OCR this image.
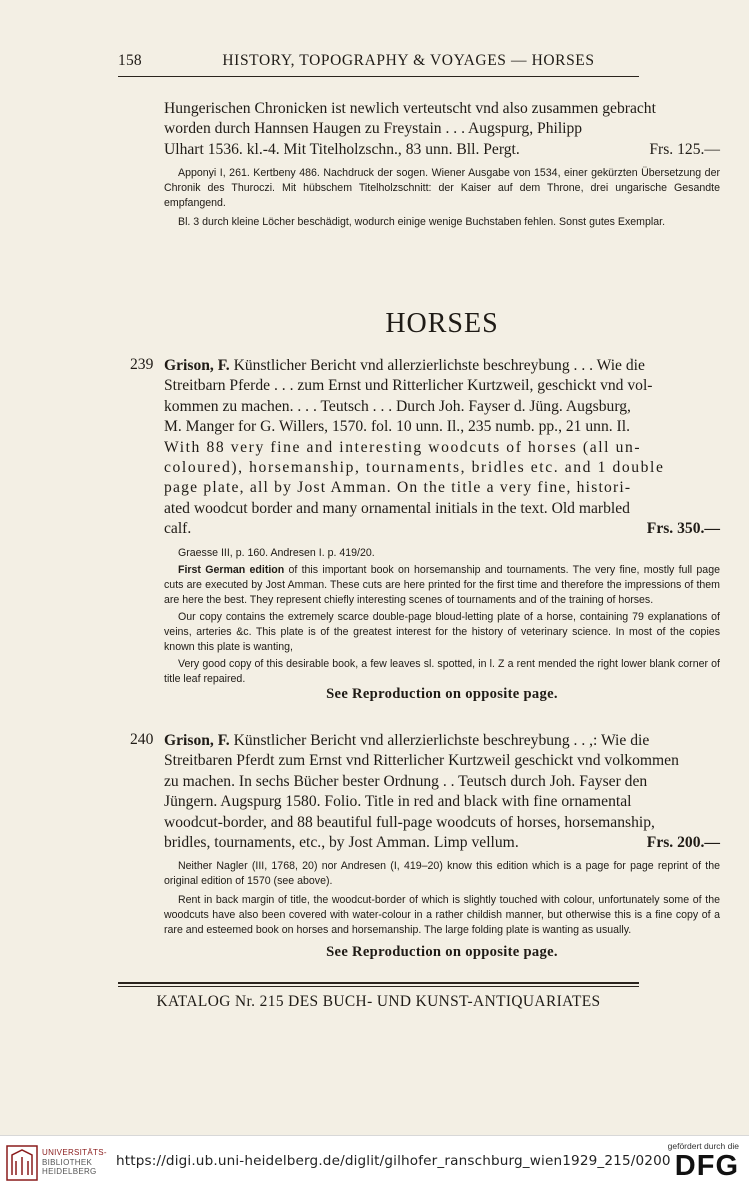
158	HISTORY, TOPOGRAPHY & VOYAGES — HORSES

Hungerischen Chronicken ist newlich verteutscht vnd also zusammen gebracht
worden durch Hannsen Haugen zu Freystain . . . Augspurg, Philipp
Ulhart 1536. kl.-4. Mit Titelholzschn., 83 unn. Bll. Pergt.	Frs. 125.—

Apponyi I, 261. Kertbeny 486. Nachdruck der sogen. Wiener Ausgabe von 1534, einer gekürzten Übersetzung der Chronik des Thuroczi. Mit hübschem Titelholzschnitt: der Kaiser auf dem Throne, drei ungarische Gesandte empfangend.

Bl. 3 durch kleine Löcher beschädigt, wodurch einige wenige Buchstaben fehlen. Sonst gutes Exemplar.

HORSES
239 Grison, F. Künstlicher Bericht vnd allerzierlichste beschreybung . . . Wie die
Streitbarn Pferde . . . zum Ernst und Ritterlicher Kurtzweil, geschickt vnd vol-
kommen zu machen. . . . Teutsch . . . Durch Joh. Fayser d. Jüng. Augsburg,
M. Manger for G. Willers, 1570. fol. 10 unn. Il., 235 numb. pp., 21 unn. Il.
With 88 very fine and interesting woodcuts of horses (all un-
coloured), horsemanship, tournaments, bridles etc. and 1 double
page plate, all by Jost Amman. On the title a very fine, histori-
ated woodcut border and many ornamental initials in the text. Old marbled
calf.	Frs. 350.—

Graesse III, p. 160. Andresen I. p. 419/20.

First German edition of this important book on horsemanship and tournaments. The very fine, mostly full page cuts are executed by Jost Amman. These cuts are here printed for the first time and therefore the impressions of them are here the best. They represent chiefly interesting scenes of tournaments and of the training of horses.

Our copy contains the extremely scarce double-page bloud-letting plate of a horse, containing 79 explanations of veins, arteries &c. This plate is of the greatest interest for the history of veterinary science. In most of the copies known this plate is wanting,

Very good copy of this desirable book, a few leaves sl. spotted, in l. Z a rent mended the right lower blank corner of title leaf repaired.

See Reproduction on opposite page.
240 Grison, F. Künstlicher Bericht vnd allerzierlichste beschreybung . . ,: Wie die
Streitbaren Pferdt zum Ernst vnd Ritterlicher Kurtzweil geschickt vnd volkommen
zu machen. In sechs Bücher bester Ordnung . . Teutsch durch Joh. Fayser den
Jüngern. Augspurg 1580. Folio. Title in red and black with fine ornamental
woodcut-border, and 88 beautiful full-page woodcuts of horses, horsemanship,
bridles, tournaments, etc., by Jost Amman. Limp vellum.	Frs. 200.—

Neither Nagler (III, 1768, 20) nor Andresen (I, 419–20) know this edition which is a page for page reprint of the original edition of 1570 (see above).

Rent in back margin of title, the woodcut-border of which is slightly touched with colour, unfortunately some of the woodcuts have also been covered with water-colour in a rather childish manner, but otherwise this is a fine copy of a rare and esteemed book on horses and horsemanship. The large folding plate is wanting as usually.

See Reproduction on opposite page.
KATALOG Nr. 215 DES BUCH- UND KUNST-ANTIQUARIATES
UNIVERSITÄTS-
BIBLIOTHEK
HEIDELBERG
https://digi.ub.uni-heidelberg.de/diglit/gilhofer_ranschburg_wien1929_215/0200
gefördert durch die
DFG
